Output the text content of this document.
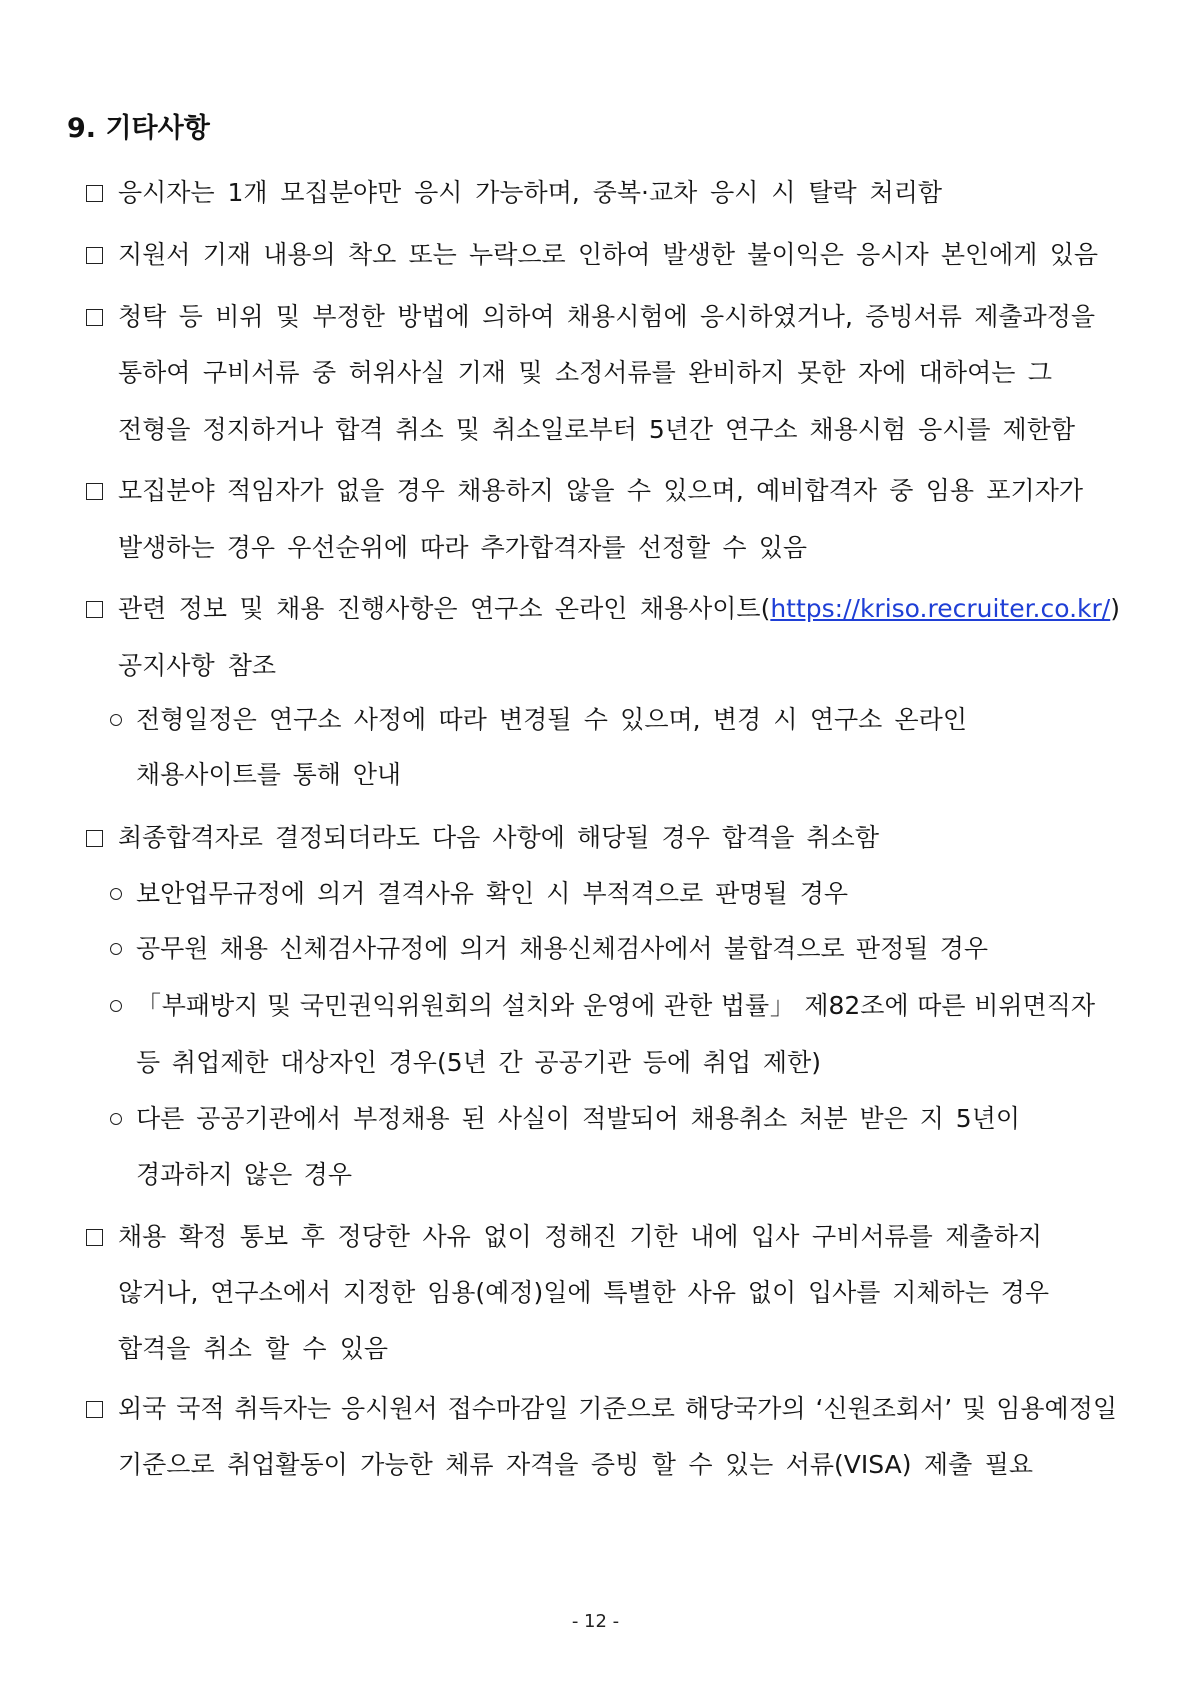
9. 기타사항
응시자는 1개 모집분야만 응시 가능하며, 중복·교차 응시 시 탈락 처리함
지원서 기재 내용의 착오 또는 누락으로 인하여 발생한 불이익은 응시자 본인에게 있음
청탁 등 비위 및 부정한 방법에 의하여 채용시험에 응시하였거나, 증빙서류 제출과정을
통하여 구비서류 중 허위사실 기재 및 소정서류를 완비하지 못한 자에 대하여는 그
전형을 정지하거나 합격 취소 및 취소일로부터 5년간 연구소 채용시험 응시를 제한함
모집분야 적임자가 없을 경우 채용하지 않을 수 있으며, 예비합격자 중 임용 포기자가
발생하는 경우 우선순위에 따라 추가합격자를 선정할 수 있음
관련 정보 및 채용 진행사항은 연구소 온라인 채용사이트(https://kriso.recruiter.co.kr/)
공지사항 참조
전형일정은 연구소 사정에 따라 변경될 수 있으며, 변경 시 연구소 온라인
채용사이트를 통해 안내
최종합격자로 결정되더라도 다음 사항에 해당될 경우 합격을 취소함
보안업무규정에 의거 결격사유 확인 시 부적격으로 판명될 경우
공무원 채용 신체검사규정에 의거 채용신체검사에서 불합격으로 판정될 경우
「부패방지 및 국민권익위원회의 설치와 운영에 관한 법률」 제82조에 따른 비위면직자
등 취업제한 대상자인 경우(5년 간 공공기관 등에 취업 제한)
다른 공공기관에서 부정채용 된 사실이 적발되어 채용취소 처분 받은 지 5년이
경과하지 않은 경우
채용 확정 통보 후 정당한 사유 없이 정해진 기한 내에 입사 구비서류를 제출하지
않거나, 연구소에서 지정한 임용(예정)일에 특별한 사유 없이 입사를 지체하는 경우
합격을 취소 할 수 있음
외국 국적 취득자는 응시원서 접수마감일 기준으로 해당국가의 ‘신원조회서’ 및 임용예정일
기준으로 취업활동이 가능한 체류 자격을 증빙 할 수 있는 서류(VISA) 제출 필요
- 12 -
